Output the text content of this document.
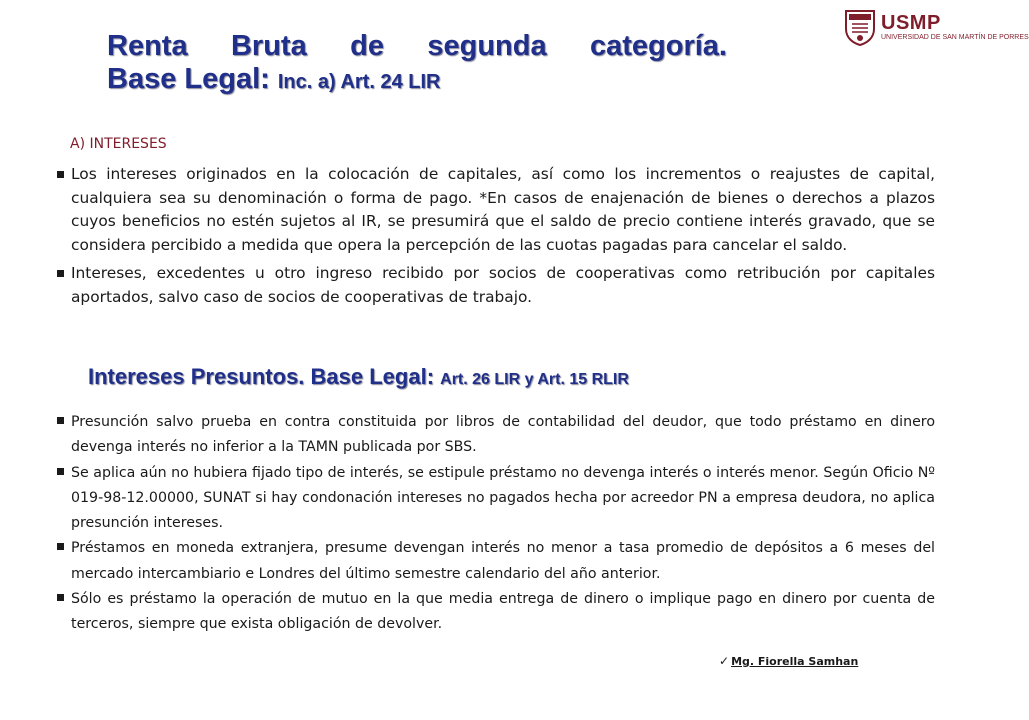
Renta Bruta de segunda categoría.
Base Legal: Inc. a) Art. 24 LIR
USMP
UNIVERSIDAD DE SAN MARTÍN DE PORRES

A) INTERESES

Los intereses originados en la colocación de capitales, así como los incrementos o reajustes de capital, cualquiera sea su denominación o forma de pago. *En casos de enajenación de bienes o derechos a plazos cuyos beneficios no estén sujetos al IR, se presumirá que el saldo de precio contiene interés gravado, que se considera percibido a medida que opera la percepción de las cuotas pagadas para cancelar el saldo.
Intereses, excedentes u otro ingreso recibido por socios de cooperativas como retribución por capitales aportados, salvo caso de socios de cooperativas de trabajo.
Intereses Presuntos. Base Legal: Art. 26 LIR y Art. 15 RLIR
Presunción salvo prueba en contra constituida por libros de contabilidad del deudor, que todo préstamo en dinero devenga interés no inferior a la TAMN publicada por SBS.
Se aplica aún no hubiera fijado tipo de interés, se estipule préstamo no devenga interés o interés menor. Según Oficio Nº 019-98-12.00000, SUNAT si hay condonación intereses no pagados hecha por acreedor PN a empresa deudora, no aplica presunción intereses.
Préstamos en moneda extranjera, presume devengan interés no menor a tasa promedio de depósitos a 6 meses del mercado intercambiario e Londres del último semestre calendario del año anterior.
Sólo es préstamo la operación de mutuo en la que media entrega de dinero o implique pago en dinero por cuenta de terceros, siempre que exista obligación de devolver.

✓ Mg. Fiorella Samhan
